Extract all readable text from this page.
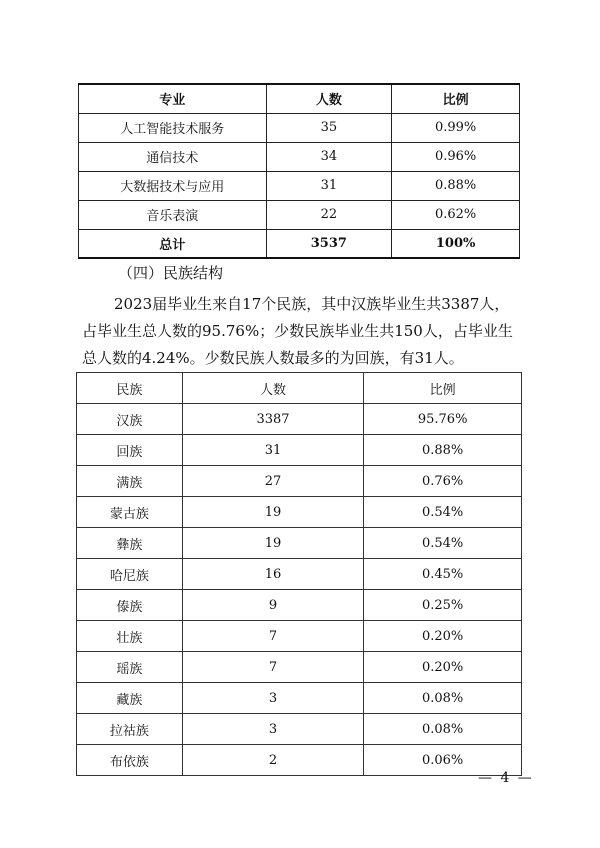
专业	人数	比例
人工智能技术服务	35	0.99%
通信技术	34	0.96%
大数据技术与应用	31	0.88%
音乐表演	22	0.62%
总计	3537	100%
（四）民族结构
2023届毕业生来自17个民族，其中汉族毕业生共3387人，占毕业生总人数的95.76%；少数民族毕业生共150人，占毕业生总人数的4.24%。少数民族人数最多的为回族，有31人。
民族	人数	比例
汉族	3387	95.76%
回族	31	0.88%
满族	27	0.76%
蒙古族	19	0.54%
彝族	19	0.54%
哈尼族	16	0.45%
傣族	9	0.25%
壮族	7	0.20%
瑶族	7	0.20%
藏族	3	0.08%
拉祜族	3	0.08%
布依族	2	0.06%
— 4 —
